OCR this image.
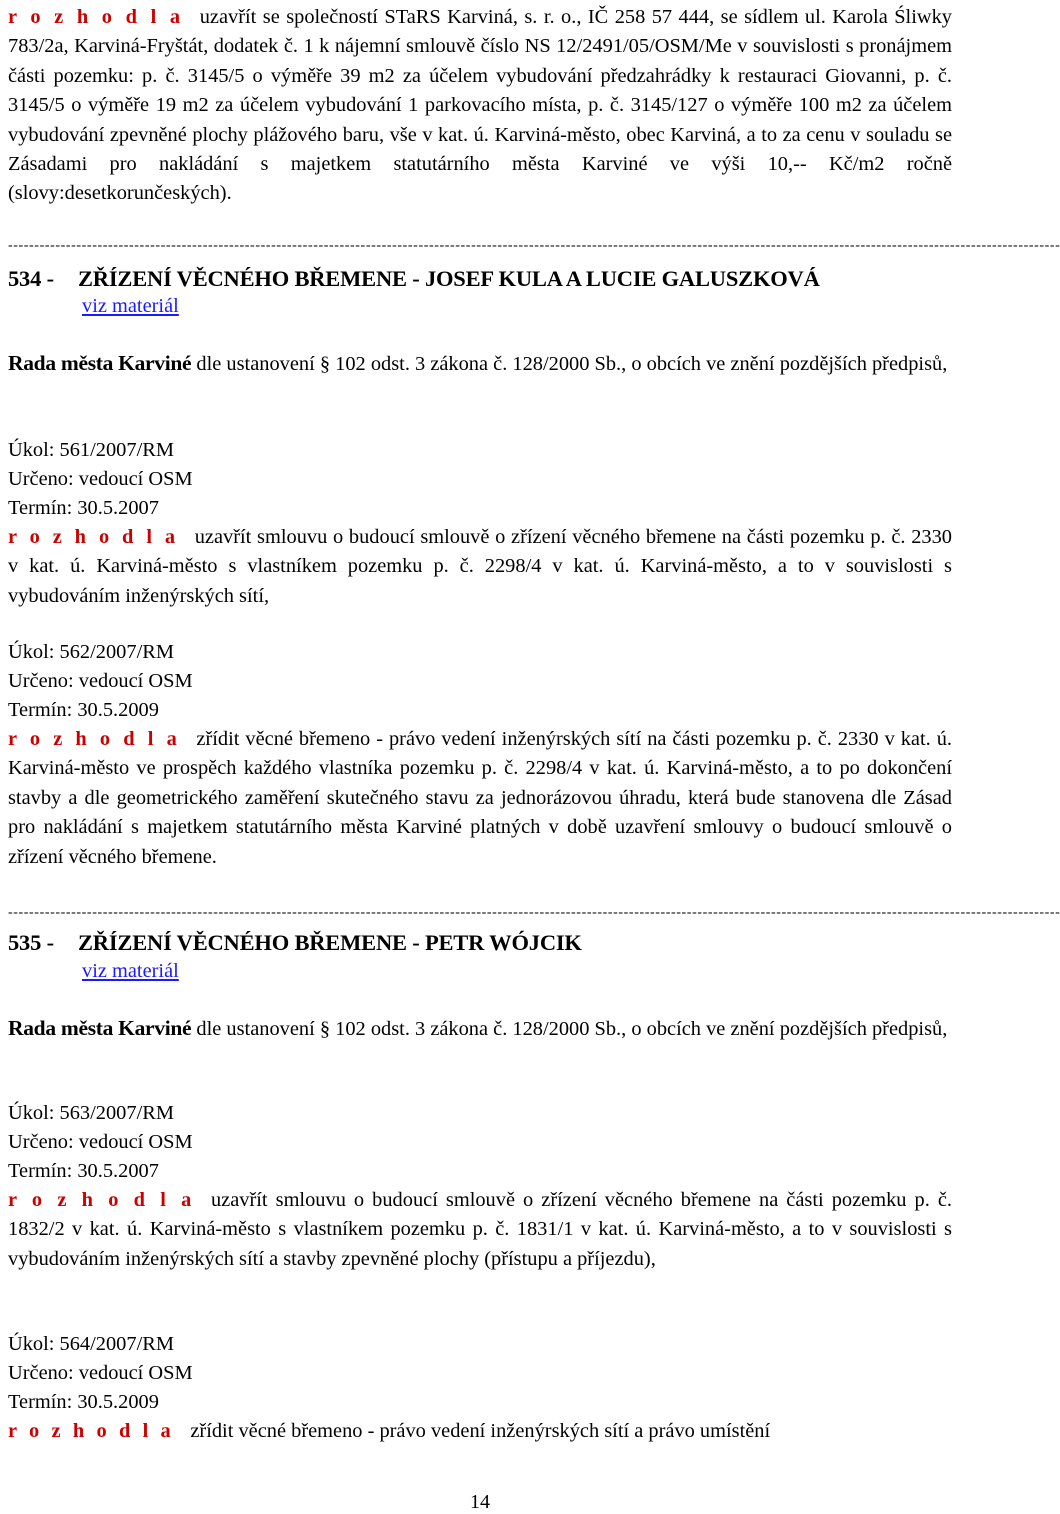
r o z h o d l a uzavřít se společností STaRS Karviná, s. r. o., IČ 258 57 444, se sídlem ul. Karola Śliwky 783/2a, Karviná-Fryštát, dodatek č. 1 k nájemní smlouvě číslo NS 12/2491/05/OSM/Me v souvislosti s pronájmem části pozemku: p. č. 3145/5 o výměře 39 m2 za účelem vybudování předzahrádky k restauraci Giovanni, p. č. 3145/5 o výměře 19 m2 za účelem vybudování 1 parkovacího místa, p. č. 3145/127 o výměře 100 m2 za účelem vybudování zpevněné plochy plážového baru, vše v kat. ú. Karviná-město, obec Karviná, a to za cenu v souladu se Zásadami pro nakládání s majetkem statutárního města Karviné ve výši 10,-- Kč/m2 ročně (slovy:desetkorunčeských).

--------------------------------------------------------------------------------------------------------------------------------------------------------------------------------------------------------
534 - ZŘÍZENÍ VĚCNÉHO BŘEMENE - JOSEF KULA A LUCIE GALUSZKOVÁ
viz materiál

Rada města Karviné dle ustanovení § 102 odst. 3 zákona č. 128/2000 Sb., o obcích ve znění pozdějších předpisů,

Úkol: 561/2007/RM
Určeno: vedoucí OSM
Termín: 30.5.2007

r o z h o d l a uzavřít smlouvu o budoucí smlouvě o zřízení věcného břemene na části pozemku p. č. 2330 v kat. ú. Karviná-město s vlastníkem pozemku p. č. 2298/4 v kat. ú. Karviná-město, a to v souvislosti s vybudováním inženýrských sítí,

Úkol: 562/2007/RM
Určeno: vedoucí OSM
Termín: 30.5.2009

r o z h o d l a zřídit věcné břemeno - právo vedení inženýrských sítí na části pozemku p. č. 2330 v kat. ú. Karviná-město ve prospěch každého vlastníka pozemku p. č. 2298/4 v kat. ú. Karviná-město, a to po dokončení stavby a dle geometrického zaměření skutečného stavu za jednorázovou úhradu, která bude stanovena dle Zásad pro nakládání s majetkem statutárního města Karviné platných v době uzavření smlouvy o budoucí smlouvě o zřízení věcného břemene.

--------------------------------------------------------------------------------------------------------------------------------------------------------------------------------------------------------
535 - ZŘÍZENÍ VĚCNÉHO BŘEMENE - PETR WÓJCIK
viz materiál

Rada města Karviné dle ustanovení § 102 odst. 3 zákona č. 128/2000 Sb., o obcích ve znění pozdějších předpisů,

Úkol: 563/2007/RM
Určeno: vedoucí OSM
Termín: 30.5.2007

r o z h o d l a uzavřít smlouvu o budoucí smlouvě o zřízení věcného břemene na části pozemku p. č. 1832/2 v kat. ú. Karviná-město s vlastníkem pozemku p. č. 1831/1 v kat. ú. Karviná-město, a to v souvislosti s vybudováním inženýrských sítí a stavby zpevněné plochy (přístupu a příjezdu),

Úkol: 564/2007/RM
Určeno: vedoucí OSM
Termín: 30.5.2009

r o z h o d l a zřídit věcné břemeno - právo vedení inženýrských sítí a právo umístění

14
